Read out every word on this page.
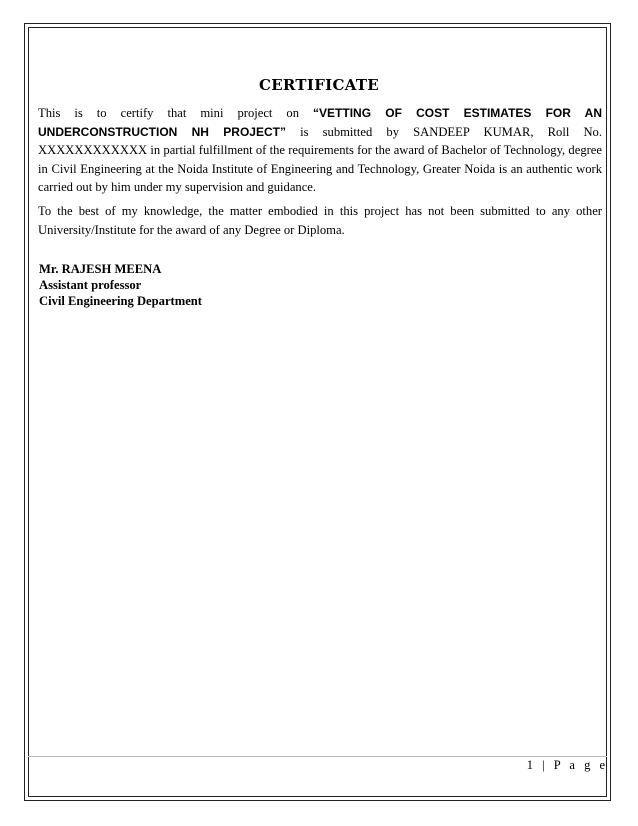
CERTIFICATE

This is to certify that mini project on “VETTING OF COST ESTIMATES FOR AN UNDERCONSTRUCTION NH PROJECT” is submitted by SANDEEP KUMAR, Roll No. XXXXXXXXXXXX in partial fulfillment of the requirements for the award of Bachelor of Technology, degree in Civil Engineering at the Noida Institute of Engineering and Technology, Greater Noida is an authentic work carried out by him under my supervision and guidance.

To the best of my knowledge, the matter embodied in this project has not been submitted to any other University/Institute for the award of any Degree or Diploma.

Mr. RAJESH MEENA
Assistant professor
Civil Engineering Department
1 | P a g e
